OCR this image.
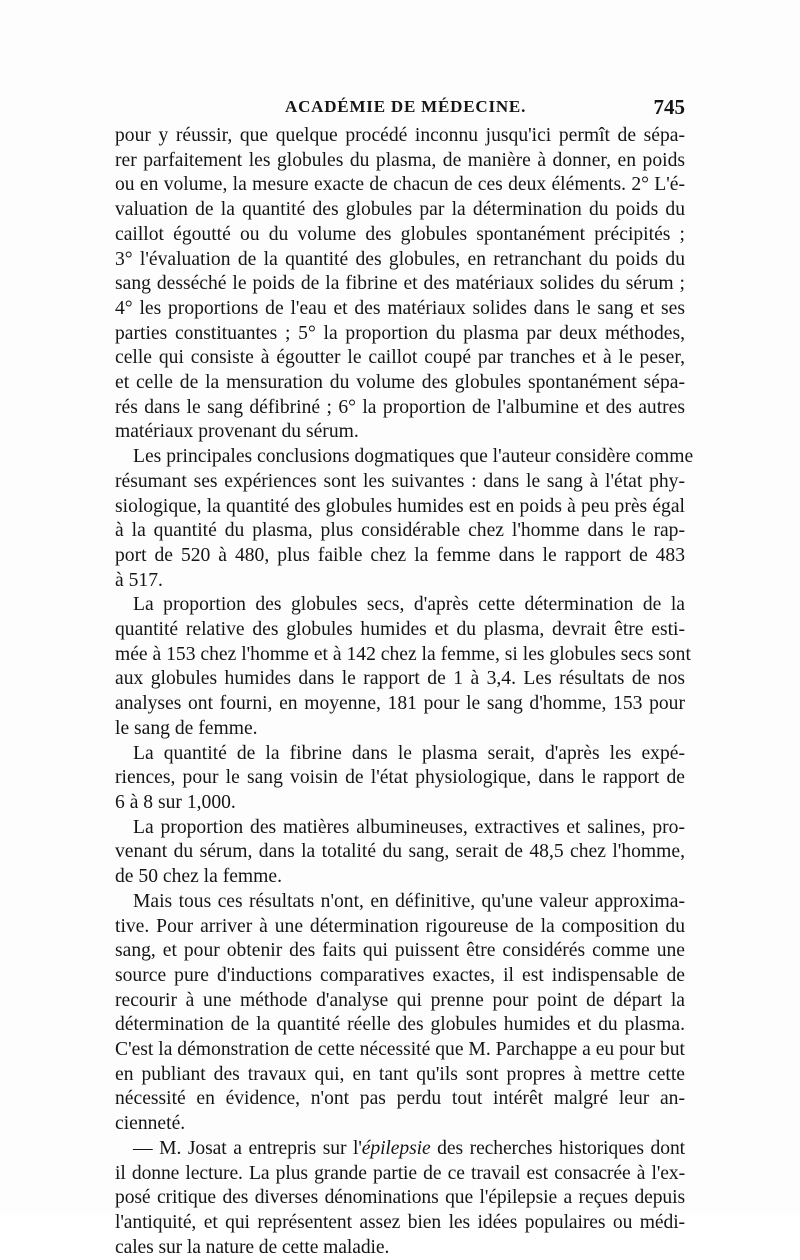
ACADÉMIE DE MÉDECINE.	745
pour y réussir, que quelque procédé inconnu jusqu'ici permît de sépa-
rer parfaitement les globules du plasma, de manière à donner, en poids
ou en volume, la mesure exacte de chacun de ces deux éléments. 2° L'é-
valuation de la quantité des globules par la détermination du poids du
caillot égoutté ou du volume des globules spontanément précipités ;
3° l'évaluation de la quantité des globules, en retranchant du poids du
sang desséché le poids de la fibrine et des matériaux solides du sérum ;
4° les proportions de l'eau et des matériaux solides dans le sang et ses
parties constituantes ; 5° la proportion du plasma par deux méthodes,
celle qui consiste à égoutter le caillot coupé par tranches et à le peser,
et celle de la mensuration du volume des globules spontanément sépa-
rés dans le sang défibriné ; 6° la proportion de l'albumine et des autres
matériaux provenant du sérum.
Les principales conclusions dogmatiques que l'auteur considère comme
résumant ses expériences sont les suivantes : dans le sang à l'état phy-
siologique, la quantité des globules humides est en poids à peu près égal
à la quantité du plasma, plus considérable chez l'homme dans le rap-
port de 520 à 480, plus faible chez la femme dans le rapport de 483
à 517.
La proportion des globules secs, d'après cette détermination de la
quantité relative des globules humides et du plasma, devrait être esti-
mée à 153 chez l'homme et à 142 chez la femme, si les globules secs sont
aux globules humides dans le rapport de 1 à 3,4. Les résultats de nos
analyses ont fourni, en moyenne, 181 pour le sang d'homme, 153 pour
le sang de femme.
La quantité de la fibrine dans le plasma serait, d'après les expé-
riences, pour le sang voisin de l'état physiologique, dans le rapport de
6 à 8 sur 1,000.
La proportion des matières albumineuses, extractives et salines, pro-
venant du sérum, dans la totalité du sang, serait de 48,5 chez l'homme,
de 50 chez la femme.
Mais tous ces résultats n'ont, en définitive, qu'une valeur approxima-
tive. Pour arriver à une détermination rigoureuse de la composition du
sang, et pour obtenir des faits qui puissent être considérés comme une
source pure d'inductions comparatives exactes, il est indispensable de
recourir à une méthode d'analyse qui prenne pour point de départ la
détermination de la quantité réelle des globules humides et du plasma.
C'est la démonstration de cette nécessité que M. Parchappe a eu pour but
en publiant des travaux qui, en tant qu'ils sont propres à mettre cette
nécessité en évidence, n'ont pas perdu tout intérêt malgré leur an-
cienneté.
— M. Josat a entrepris sur l'épilepsie des recherches historiques dont
il donne lecture. La plus grande partie de ce travail est consacrée à l'ex-
posé critique des diverses dénominations que l'épilepsie a reçues depuis
l'antiquité, et qui représentent assez bien les idées populaires ou médi-
cales sur la nature de cette maladie.
